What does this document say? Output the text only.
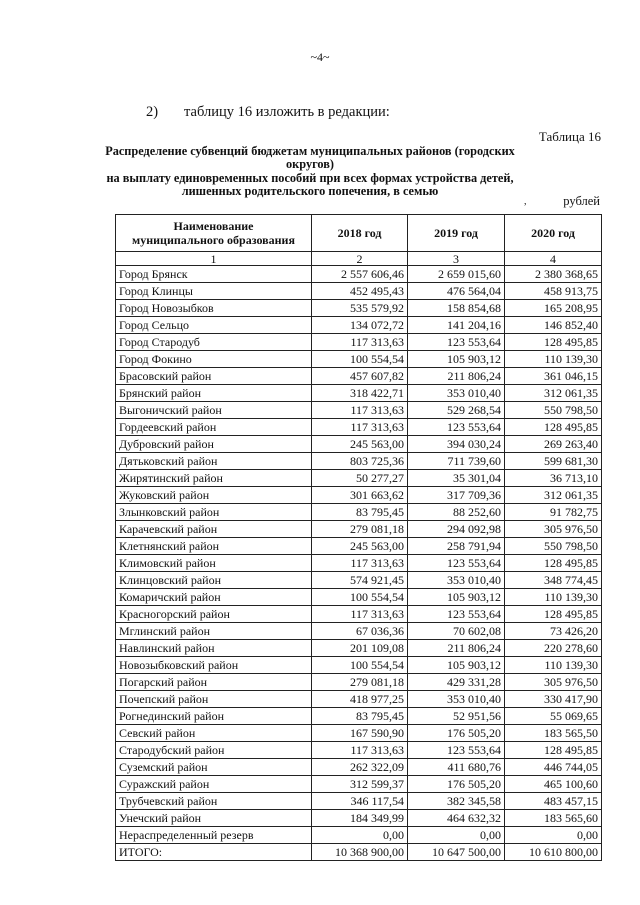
~4~
2) таблицу 16 изложить в редакции:
Таблица 16
Распределение субвенций бюджетам муниципальных районов (городских округов)
на выплату единовременных пособий при всех формах устройства детей,
лишенных родительского попечения, в семью
,	рублей
Наименование
муниципального образования	2018 год	2019 год	2020 год
1	2	3	4
Город Брянск	2 557 606,46	2 659 015,60	2 380 368,65
Город Клинцы	452 495,43	476 564,04	458 913,75
Город Новозыбков	535 579,92	158 854,68	165 208,95
Город Сельцо	134 072,72	141 204,16	146 852,40
Город Стародуб	117 313,63	123 553,64	128 495,85
Город Фокино	100 554,54	105 903,12	110 139,30
Брасовский район	457 607,82	211 806,24	361 046,15
Брянский район	318 422,71	353 010,40	312 061,35
Выгоничский район	117 313,63	529 268,54	550 798,50
Гордеевский район	117 313,63	123 553,64	128 495,85
Дубровский район	245 563,00	394 030,24	269 263,40
Дятьковский район	803 725,36	711 739,60	599 681,30
Жирятинский район	50 277,27	35 301,04	36 713,10
Жуковский район	301 663,62	317 709,36	312 061,35
Злынковский район	83 795,45	88 252,60	91 782,75
Карачевский район	279 081,18	294 092,98	305 976,50
Клетнянский район	245 563,00	258 791,94	550 798,50
Климовский район	117 313,63	123 553,64	128 495,85
Клинцовский район	574 921,45	353 010,40	348 774,45
Комаричский район	100 554,54	105 903,12	110 139,30
Красногорский район	117 313,63	123 553,64	128 495,85
Мглинский район	67 036,36	70 602,08	73 426,20
Навлинский район	201 109,08	211 806,24	220 278,60
Новозыбковский район	100 554,54	105 903,12	110 139,30
Погарский район	279 081,18	429 331,28	305 976,50
Почепский район	418 977,25	353 010,40	330 417,90
Рогнединский район	83 795,45	52 951,56	55 069,65
Севский район	167 590,90	176 505,20	183 565,50
Стародубский район	117 313,63	123 553,64	128 495,85
Суземский район	262 322,09	411 680,76	446 744,05
Суражский район	312 599,37	176 505,20	465 100,60
Трубчевский район	346 117,54	382 345,58	483 457,15
Унечский район	184 349,99	464 632,32	183 565,60
Нераспределенный резерв	0,00	0,00	0,00
ИТОГО:	10 368 900,00	10 647 500,00	10 610 800,00
